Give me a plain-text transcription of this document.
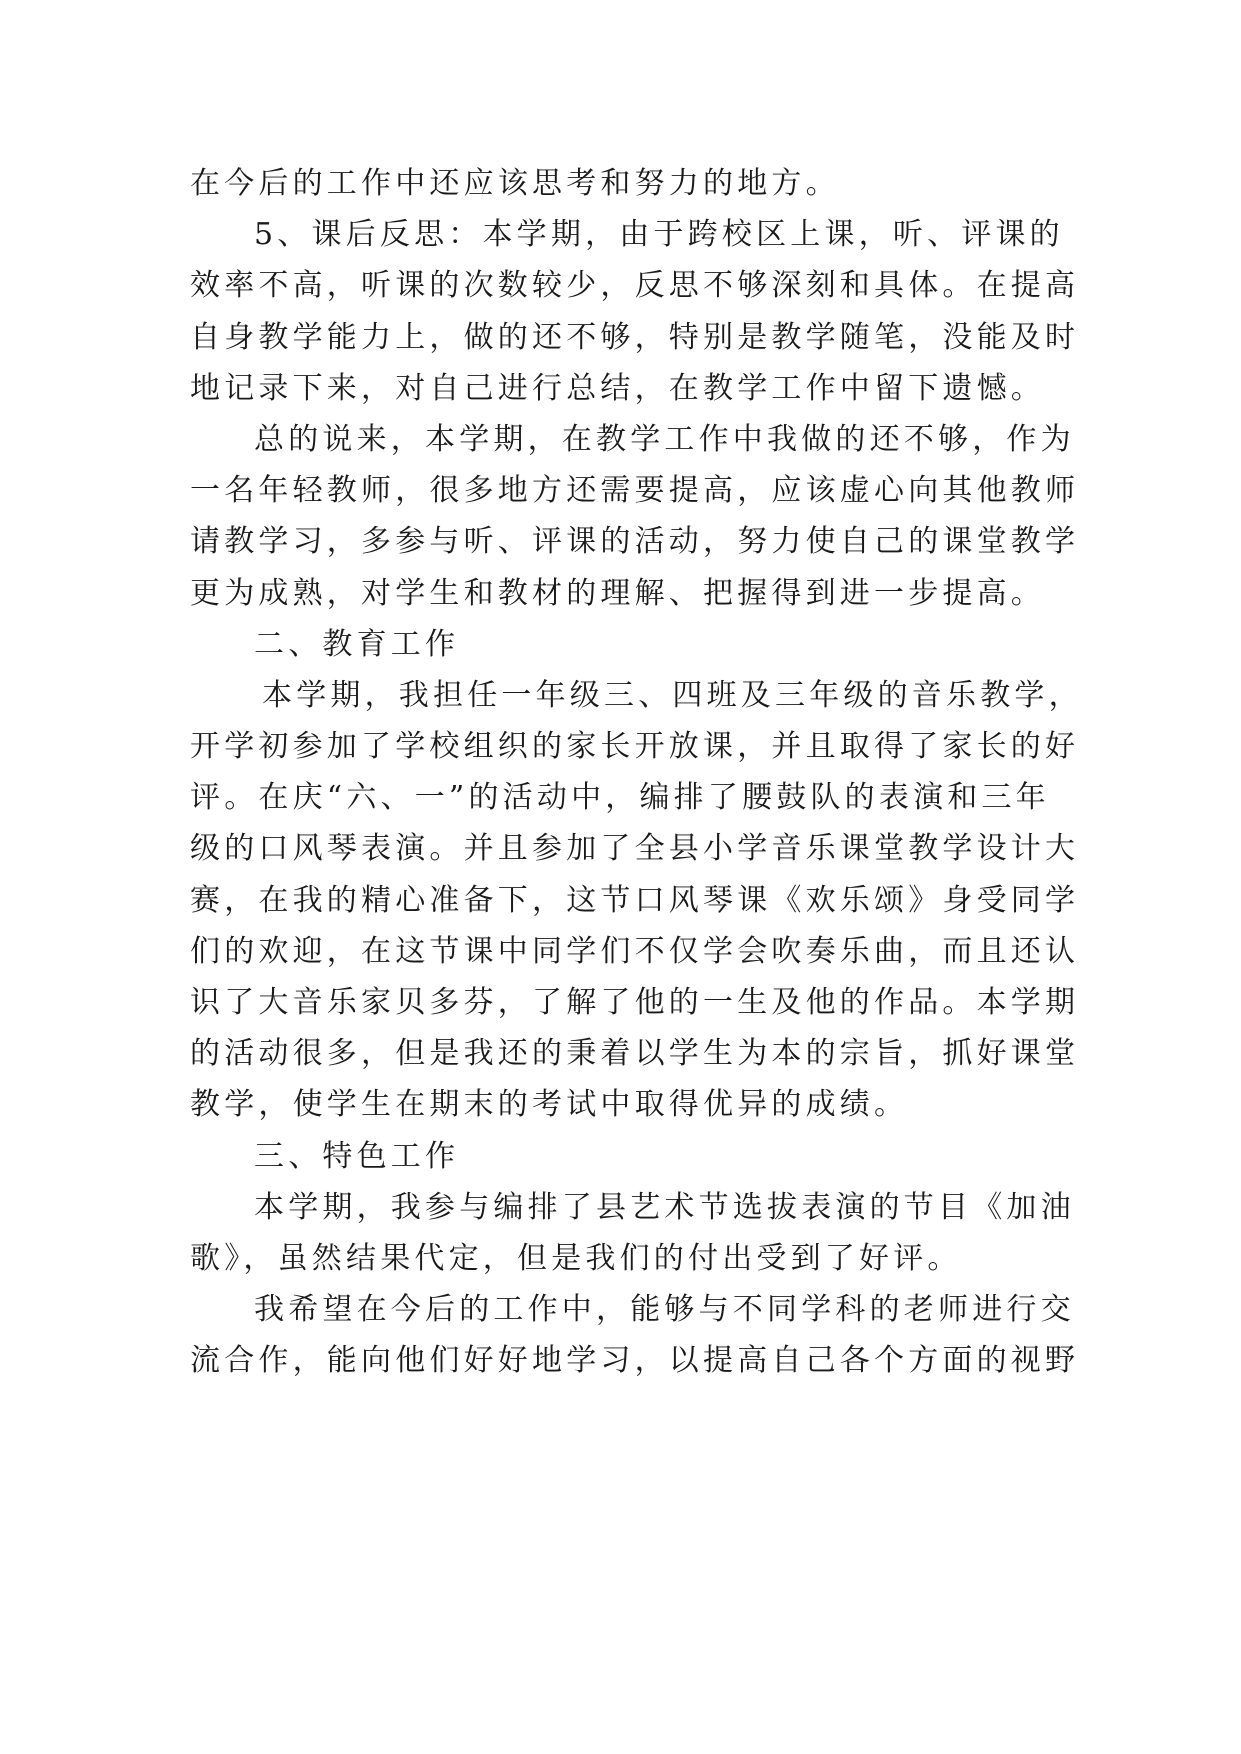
在今后的工作中还应该思考和努力的地方。
5、课后反思：本学期，由于跨校区上课，听、评课的
效率不高，听课的次数较少，反思不够深刻和具体。在提高
自身教学能力上，做的还不够，特别是教学随笔，没能及时
地记录下来，对自己进行总结，在教学工作中留下遗憾。
总的说来，本学期，在教学工作中我做的还不够，作为
一名年轻教师，很多地方还需要提高，应该虚心向其他教师
请教学习，多参与听、评课的活动，努力使自己的课堂教学
更为成熟，对学生和教材的理解、把握得到进一步提高。
二、教育工作
本学期，我担任一年级三、四班及三年级的音乐教学，
开学初参加了学校组织的家长开放课，并且取得了家长的好
评。在庆“六、一”的活动中，编排了腰鼓队的表演和三年
级的口风琴表演。并且参加了全县小学音乐课堂教学设计大
赛，在我的精心准备下，这节口风琴课《欢乐颂》身受同学
们的欢迎，在这节课中同学们不仅学会吹奏乐曲，而且还认
识了大音乐家贝多芬，了解了他的一生及他的作品。本学期
的活动很多，但是我还的秉着以学生为本的宗旨，抓好课堂
教学，使学生在期末的考试中取得优异的成绩。
三、特色工作
本学期，我参与编排了县艺术节选拔表演的节目《加油
歌》，虽然结果代定，但是我们的付出受到了好评。
我希望在今后的工作中，能够与不同学科的老师进行交
流合作，能向他们好好地学习，以提高自己各个方面的视野
